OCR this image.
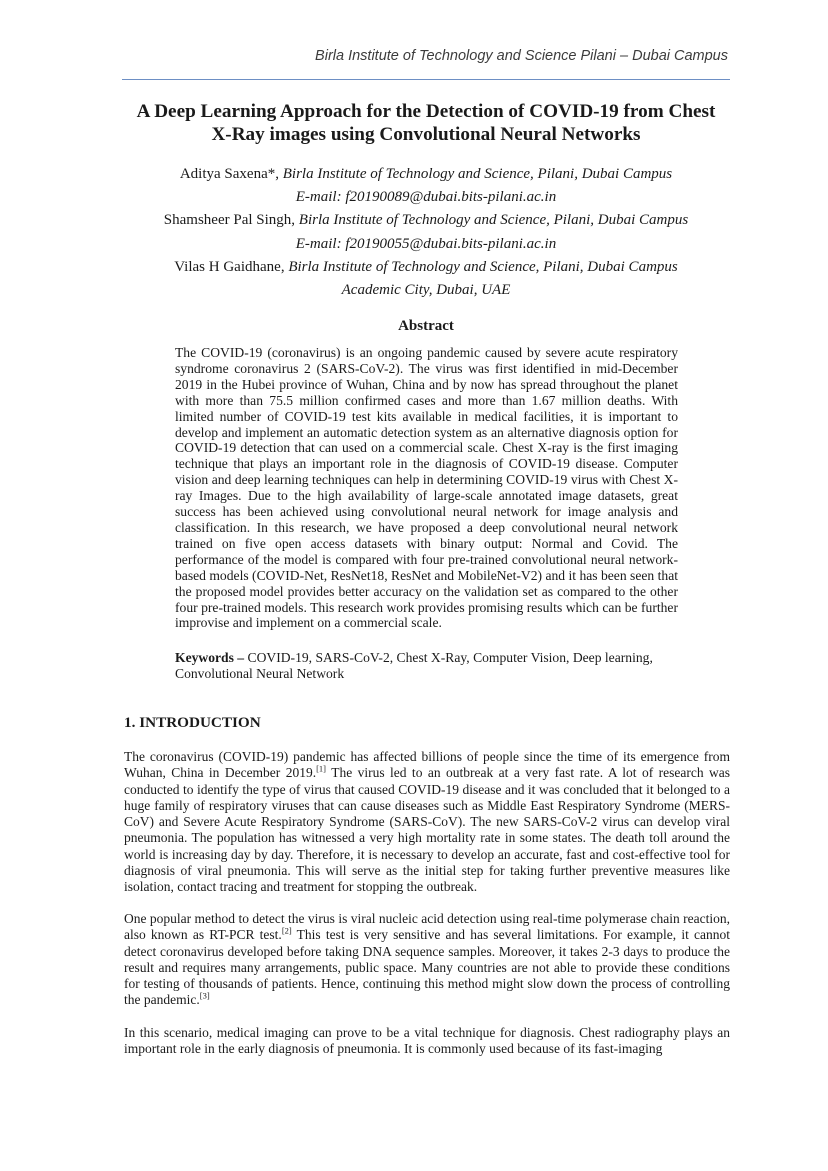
Birla Institute of Technology and Science Pilani – Dubai Campus
A Deep Learning Approach for the Detection of COVID-19 from Chest
X-Ray images using Convolutional Neural Networks
Aditya Saxena*, Birla Institute of Technology and Science, Pilani, Dubai Campus
E-mail: f20190089@dubai.bits-pilani.ac.in
Shamsheer Pal Singh, Birla Institute of Technology and Science, Pilani, Dubai Campus
E-mail: f20190055@dubai.bits-pilani.ac.in
Vilas H Gaidhane, Birla Institute of Technology and Science, Pilani, Dubai Campus
Academic City, Dubai, UAE
Abstract

The COVID-19 (coronavirus) is an ongoing pandemic caused by severe acute respiratory syndrome coronavirus 2 (SARS-CoV-2). The virus was first identified in mid-December 2019 in the Hubei province of Wuhan, China and by now has spread throughout the planet with more than 75.5 million confirmed cases and more than 1.67 million deaths. With limited number of COVID-19 test kits available in medical facilities, it is important to develop and implement an automatic detection system as an alternative diagnosis option for COVID-19 detection that can used on a commercial scale. Chest X-ray is the first imaging technique that plays an important role in the diagnosis of COVID-19 disease. Computer vision and deep learning techniques can help in determining COVID-19 virus with Chest X-ray Images. Due to the high availability of large-scale annotated image datasets, great success has been achieved using convolutional neural network for image analysis and classification. In this research, we have proposed a deep convolutional neural network trained on five open access datasets with binary output: Normal and Covid. The performance of the model is compared with four pre-trained convolutional neural network-based models (COVID-Net, ResNet18, ResNet and MobileNet-V2) and it has been seen that the proposed model provides better accuracy on the validation set as compared to the other four pre-trained models. This research work provides promising results which can be further improvise and implement on a commercial scale.

Keywords – COVID-19, SARS-CoV-2, Chest X-Ray, Computer Vision, Deep learning, Convolutional Neural Network

1. INTRODUCTION

The coronavirus (COVID-19) pandemic has affected billions of people since the time of its emergence from Wuhan, China in December 2019.[1] The virus led to an outbreak at a very fast rate. A lot of research was conducted to identify the type of virus that caused COVID-19 disease and it was concluded that it belonged to a huge family of respiratory viruses that can cause diseases such as Middle East Respiratory Syndrome (MERS-CoV) and Severe Acute Respiratory Syndrome (SARS-CoV). The new SARS-CoV-2 virus can develop viral pneumonia. The population has witnessed a very high mortality rate in some states. The death toll around the world is increasing day by day. Therefore, it is necessary to develop an accurate, fast and cost-effective tool for diagnosis of viral pneumonia. This will serve as the initial step for taking further preventive measures like isolation, contact tracing and treatment for stopping the outbreak.

One popular method to detect the virus is viral nucleic acid detection using real-time polymerase chain reaction, also known as RT-PCR test.[2] This test is very sensitive and has several limitations. For example, it cannot detect coronavirus developed before taking DNA sequence samples. Moreover, it takes 2-3 days to produce the result and requires many arrangements, public space. Many countries are not able to provide these conditions for testing of thousands of patients. Hence, continuing this method might slow down the process of controlling the pandemic.[3]

In this scenario, medical imaging can prove to be a vital technique for diagnosis. Chest radiography plays an important role in the early diagnosis of pneumonia. It is commonly used because of its fast-imaging
